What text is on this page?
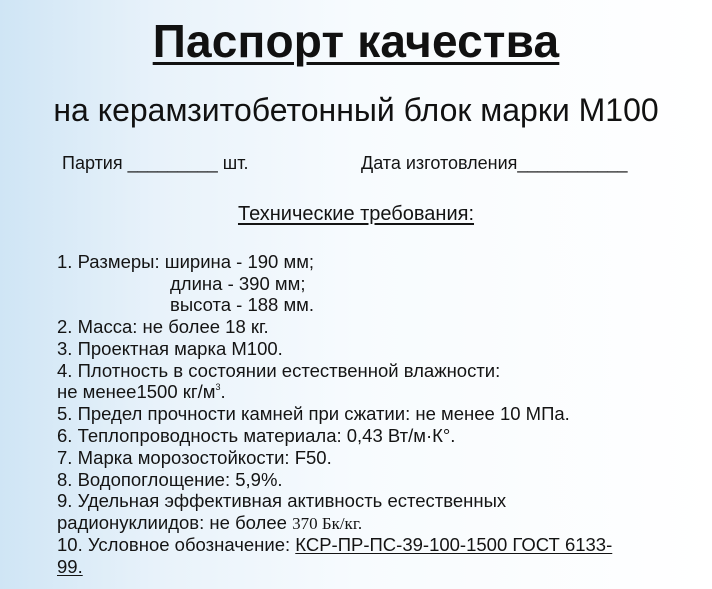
Паспорт качества
на керамзитобетонный блок марки М100
Партия _________ шт.	Дата изготовления___________
Технические требования:
1. Размеры: ширина - 190 мм;
длина - 390 мм;
высота - 188 мм.
2. Масса: не более 18 кг.
3. Проектная марка М100.
4. Плотность в состоянии естественной влажности:
не менее1500 $кг/м^3$.
5. Предел прочности камней при сжатии: не менее 10 МПа.
6. Теплопроводность материала: 0,43 Вт/м·К°.
7. Марка морозостойкости: F50.
8. Водопоглощение: 5,9%.
9. Удельная эффективная активность естественных
радионуклиидов: не более 370 Бк/кг.
10. Условное обозначение: КСР-ПР-ПС-39-100-1500 ГОСТ 6133-
99.
